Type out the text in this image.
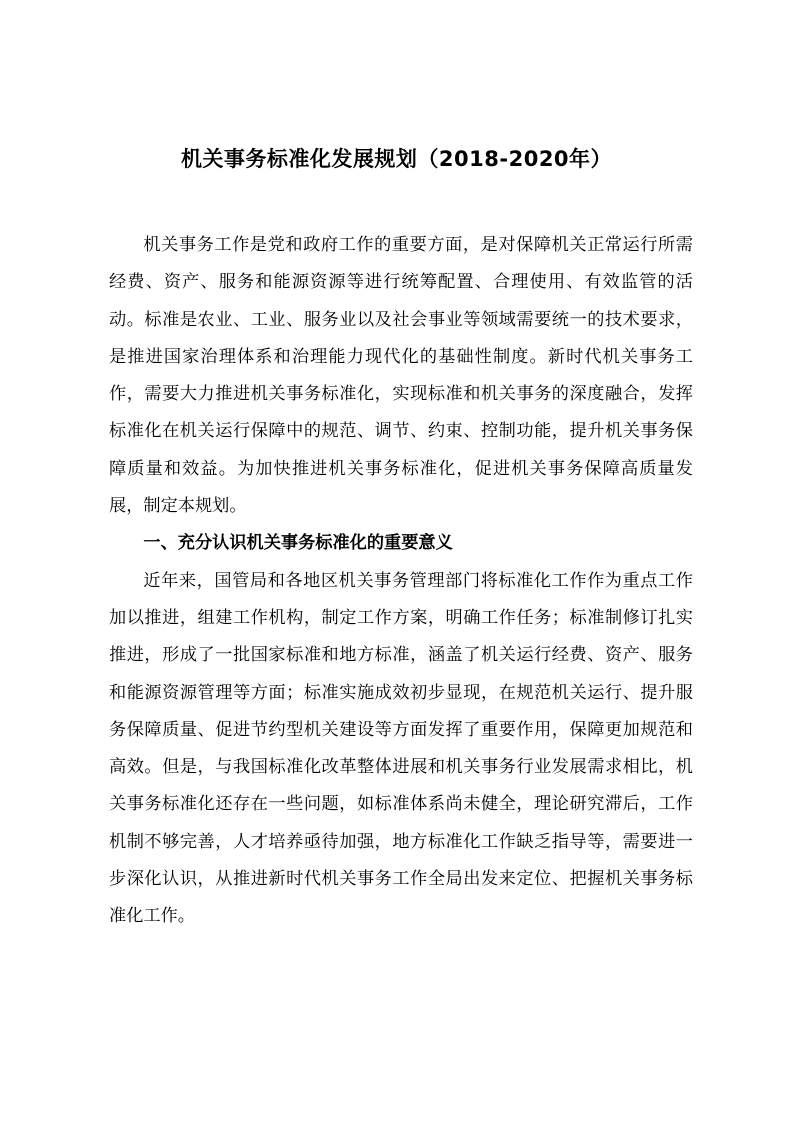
机关事务标准化发展规划（2018-2020年）

机关事务工作是党和政府工作的重要方面，是对保障机关正常运行所需经费、资产、服务和能源资源等进行统筹配置、合理使用、有效监管的活动。标准是农业、工业、服务业以及社会事业等领域需要统一的技术要求，是推进国家治理体系和治理能力现代化的基础性制度。新时代机关事务工作，需要大力推进机关事务标准化，实现标准和机关事务的深度融合，发挥标准化在机关运行保障中的规范、调节、约束、控制功能，提升机关事务保障质量和效益。为加快推进机关事务标准化，促进机关事务保障高质量发展，制定本规划。

一、充分认识机关事务标准化的重要意义

近年来，国管局和各地区机关事务管理部门将标准化工作作为重点工作加以推进，组建工作机构，制定工作方案，明确工作任务；标准制修订扎实推进，形成了一批国家标准和地方标准，涵盖了机关运行经费、资产、服务和能源资源管理等方面；标准实施成效初步显现，在规范机关运行、提升服务保障质量、促进节约型机关建设等方面发挥了重要作用，保障更加规范和高效。但是，与我国标准化改革整体进展和机关事务行业发展需求相比，机关事务标准化还存在一些问题，如标准体系尚未健全，理论研究滞后，工作机制不够完善，人才培养亟待加强，地方标准化工作缺乏指导等，需要进一步深化认识，从推进新时代机关事务工作全局出发来定位、把握机关事务标准化工作。
